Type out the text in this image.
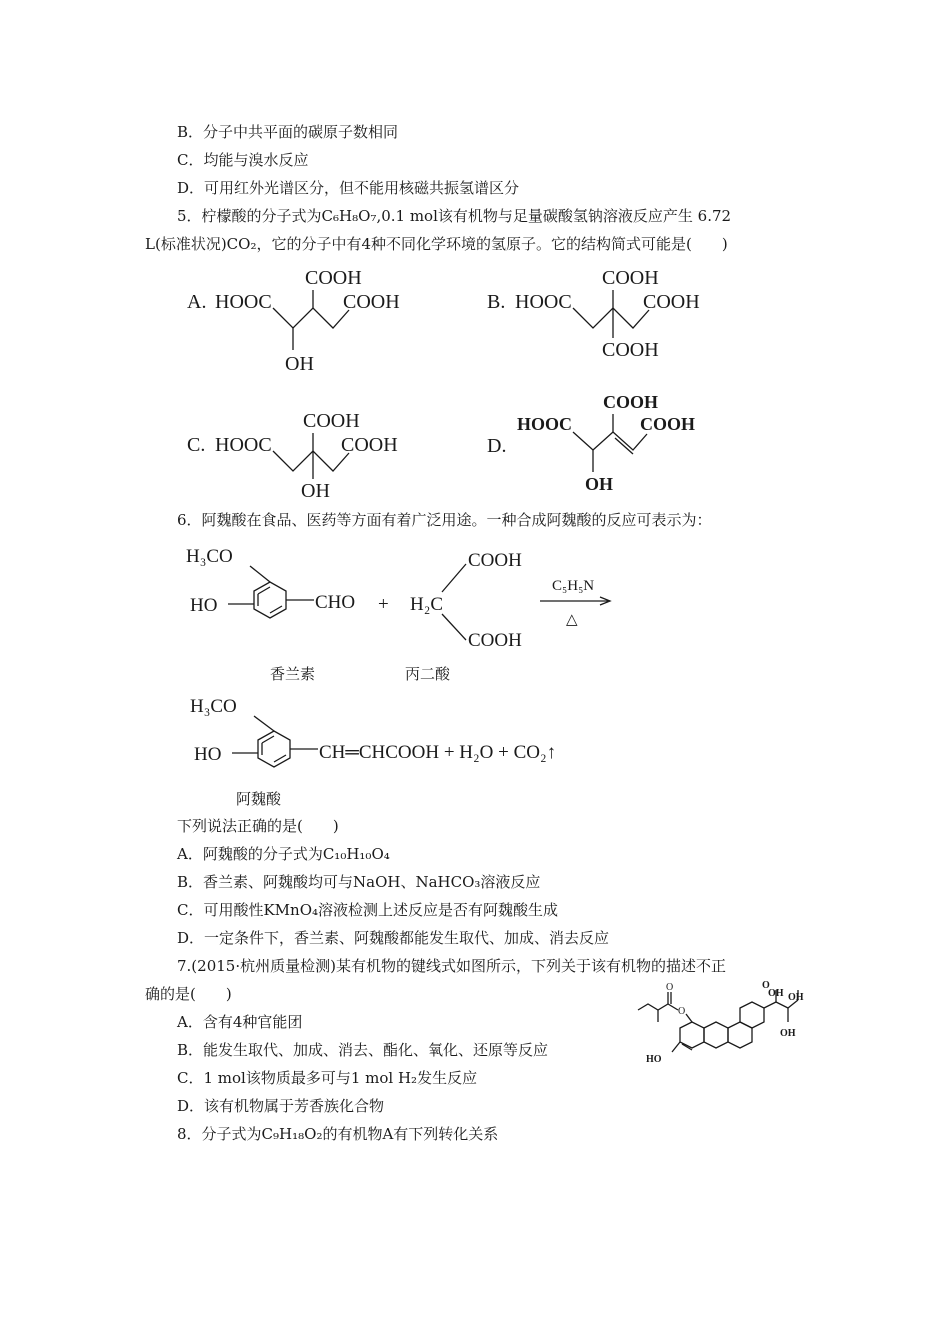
B．分子中共平面的碳原子数相同
C．均能与溴水反应
D．可用红外光谱区分，但不能用核磁共振氢谱区分
5．柠檬酸的分子式为C₆H₈O₇,0.1 mol该有机物与足量碳酸氢钠溶液反应产生 6.72
L(标准状况)CO₂，它的分子中有4种不同化学环境的氢原子。它的结构简式可能是(　　)
A. HOOC
COOH
COOH
OH
B. HOOC
COOH
COOH
COOH
C. HOOC
COOH
COOH
OH
D.
HOOC
COOH
COOH
OH
6．阿魏酸在食品、医药等方面有着广泛用途。一种合成阿魏酸的反应可表示为：
H₃CO
HO	CHO + H₂C
COOH
COOH
C₅H₅N
△
香兰素	丙二酸
H₃CO
HO	CH═CHCOOH + H₂O + CO₂↑
阿魏酸
下列说法正确的是(　　)
A．阿魏酸的分子式为C₁₀H₁₀O₄
B．香兰素、阿魏酸均可与NaOH、NaHCO₃溶液反应
C．可用酸性KMnO₄溶液检测上述反应是否有阿魏酸生成
D．一定条件下，香兰素、阿魏酸都能发生取代、加成、消去反应
7.(2015·杭州质量检测)某有机物的键线式如图所示，下列关于该有机物的描述不正
确的是(　　)
A．含有4种官能团
B．能发生取代、加成、消去、酯化、氧化、还原等反应
C．1 mol该物质最多可与1 mol H₂发生反应
D．该有机物属于芳香族化合物
O
O
HO
O
OH OH
OH
8．分子式为C₉H₁₈O₂的有机物A有下列转化关系
